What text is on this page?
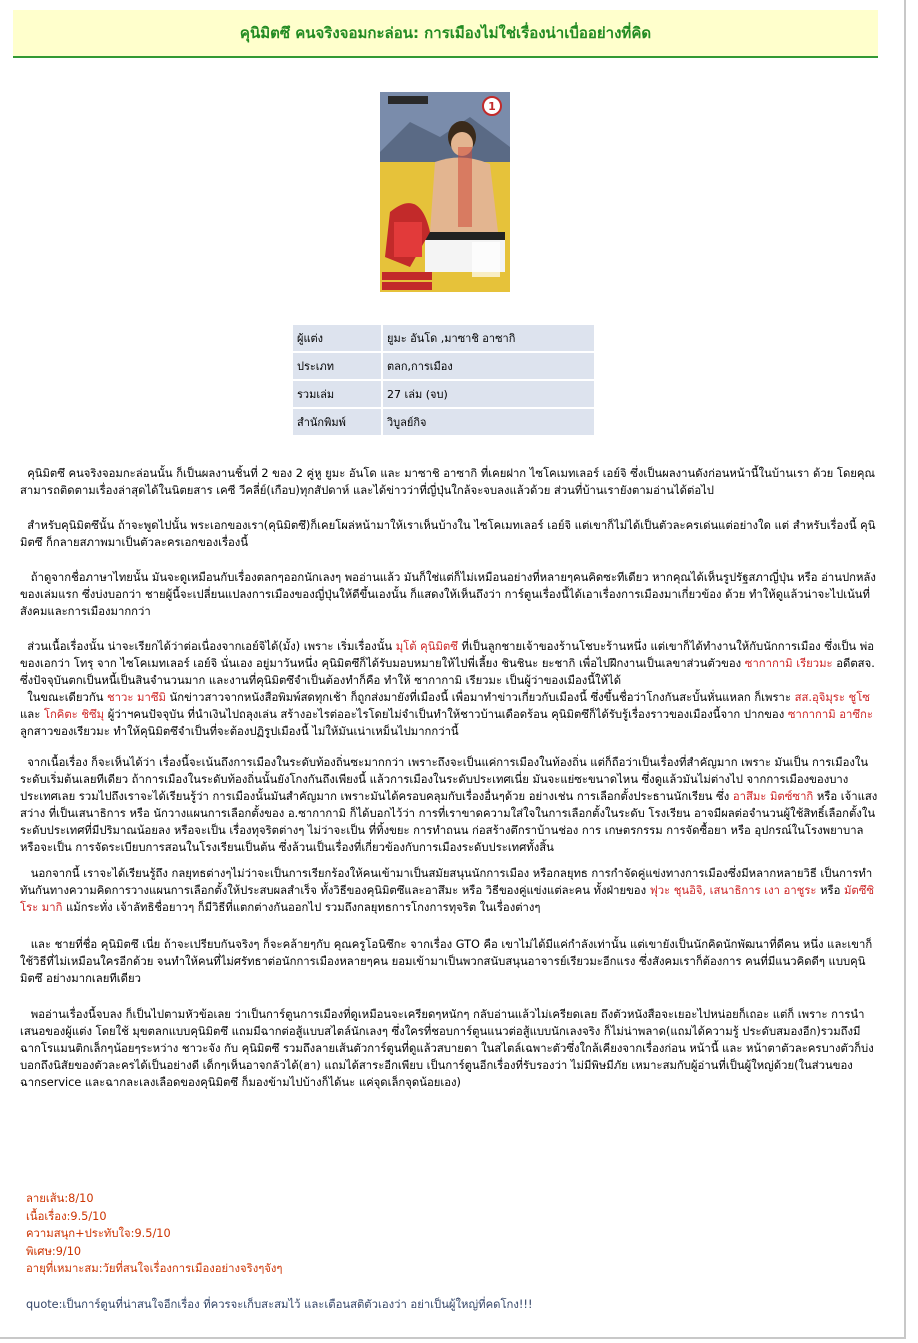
คุนิมิตซึ คนจริงจอมกะล่อน: การเมืองไม่ใช่เรื่องน่าเบื่ออย่างที่คิด
1
ผู้แต่ง	ยูมะ อันโด ,มาซาชิ อาซากิ
ประเภท	ตลก,การเมือง
รวมเล่ม	27 เล่ม (จบ)
สำนักพิมพ์	วิบูลย์กิจ

คุนิมิตซึ คนจริงจอมกะล่อนนั้น ก็เป็นผลงานชิ้นที่ 2 ของ 2 คู่หู ยูมะ อันโด และ มาซาชิ อาซากิ ที่เคยฝาก ไซโคเมทเลอร์ เอย์จิ ซึ่งเป็นผลงานดังก่อนหน้านี้ในบ้านเรา ด้วย โดยคุณสามารถติดตามเรื่องล่าสุดได้ในนิตยสาร เคซี วีคลี่ย์(เกือบ)ทุกสัปดาห์ และได้ข่าวว่าที่ญี่ปุ่นใกล้จะจบลงแล้วด้วย ส่วนที่บ้านเรายังตามอ่านได้ต่อไป

สำหรับคุนิมิตซึนั้น ถ้าจะพูดไปนั้น พระเอกของเรา(คุนิมิตซึ)ก็เคยโผล่หน้ามาให้เราเห็นบ้างใน ไซโคเมทเลอร์ เอย์จิ แต่เขาก็ไม่ได้เป็นตัวละครเด่นแต่อย่างใด แต่ สำหรับเรื่องนี้ คุนิมิตซึ ก็กลายสภาพมาเป็นตัวละครเอกของเรื่องนี้

ถ้าดูจากชื่อภาษาไทยนั้น มันจะดูเหมือนกับเรื่องตลกๆออกนักเลงๆ พออ่านแล้ว มันก็ใช่แต่ก็ไม่เหมือนอย่างที่หลายๆคนคิดซะทีเดียว หากคุณได้เห็นรูปรัฐสภาญี่ปุ่น หรือ อ่านปกหลังของเล่มแรก ซึ่งบ่งบอกว่า ชายผู้นี้จะเปลี่ยนแปลงการเมืองของญี่ปุ่นให้ดีขึ้นเองนั้น ก็แสดงให้เห็นถึงว่า การ์ตูนเรื่องนี้ได้เอาเรื่องการเมืองมาเกี่ยวข้อง ด้วย ทำให้ดูแล้วน่าจะไปเน้นที่สังคมและการเมืองมากกว่า

ส่วนเนื้อเรื่องนั้น น่าจะเรียกได้ว่าต่อเนื่องจากเอย์จิได้(มั้ง) เพราะ เริ่มเรื่องนั้น มุโต้ คุนิมิตซึ ที่เป็นลูกชายเจ้าของร้านโชบะร้านหนึ่ง แต่เขาก็ได้ทำงานให้กับนักการเมือง ซึ่งเป็น พ่อของเอกว่า โทรุ จาก ไซโคเมทเลอร์ เอย์จิ นั่นเอง อยู่มาวันหนึ่ง คุนิมิตซึก็ได้รับมอบหมายให้ไปพี่เลี้ยง ชินชินะ ยะชากิ เพื่อไปฝึกงานเป็นเลขาส่วนตัวของ ซากากามิ เรียวมะ อดีตสจ. ซึ่งปัจจุบันตกเป็นหนี้เป็นสินจำนวนมาก และงานที่คุนิมิตซึจำเป็นต้องทำก็คือ ทำให้ ซากากามิ เรียวมะ เป็นผู้ว่าของเมืองนี้ให้ได้

ในขณะเดียวกัน ชาวะ มาซึมิ นักข่าวสาวจากหนังสือพิมพ์สดทุกเช้า ก็ถูกส่งมายังที่เมืองนี้ เพื่อมาทำข่าวเกี่ยวกับเมืองนี้ ซึ่งขึ้นชื่อว่าโกงกันสะบั้นหั่นแหลก ก็เพราะ สส.อุจิมุระ ชูโซ และ โกคิตะ ชิซึมุ ผู้ว่าฯคนปัจจุบัน ที่นำเงินไปถลุงเล่น สร้างอะไรต่ออะไรโดยไม่จำเป็นทำให้ชาวบ้านเดือดร้อน คุนิมิตซึก็ได้รับรู้เรื่องราวของเมืองนี้จาก ปากของ ซากากามิ อาซึกะ ลูกสาวของเรียวมะ ทำให้คุนิมิตซึจำเป็นที่จะต้องปฏิรูปเมืองนี้ ไม่ให้มันเน่าเหม็นไปมากกว่านี้

จากเนื้อเรื่อง ก็จะเห็นได้ว่า เรื่องนี้จะเน้นถึงการเมืองในระดับท้องถิ่นซะมากกว่า เพราะถึงจะเป็นแค่การเมืองในท้องถิ่น แต่ก็ถือว่าเป็นเรื่องที่สำคัญมาก เพราะ มันเป็น การเมืองในระดับเริ่มต้นเลยทีเดียว ถ้าการเมืองในระดับท้องถิ่นนั้นยังโกงกันถึงเพียงนี้ แล้วการเมืองในระดับประเทศเนี่ย มันจะแย่ซะขนาดไหน ซึ่งดูแล้วมันไม่ต่างไป จากการเมืองของบางประเทศเลย รวมไปถึงเราจะได้เรียนรู้ว่า การเมืองนั้นมันสำคัญมาก เพราะมันได้ครอบคลุมกับเรื่องอื่นๆด้วย อย่างเช่น การเลือกตั้งประธานนักเรียน ซึ่ง อาสึมะ มิตซ์ซากิ หรือ เจ้าแสงสว่าง ที่เป็นเสนาธิการ หรือ นักวางแผนการเลือกตั้งของ อ.ซากากามิ ก็ได้บอกไว้ว่า การที่เราขาดความใส่ใจในการเลือกตั้งในระดับ โรงเรียน อาจมีผลต่อจำนวนผู้ใช้สิทธิ์เลือกตั้งในระดับประเทศที่มีปริมาณน้อยลง หรือจะเป็น เรื่องทุจริตต่างๆ ไม่ว่าจะเป็น ที่ทิ้งขยะ การทำถนน ก่อสร้างตึกราบ้านช่อง การ เกษตรกรรม การจัดซื้อยา หรือ อุปกรณ์ในโรงพยาบาล หรือจะเป็น การจัดระเบียบการสอนในโรงเรียนเป็นต้น ซึ่งล้วนเป็นเรื่องที่เกี่ยวข้องกับการเมืองระดับประเทศทั้งสิ้น

นอกจากนี้ เราจะได้เรียนรู้ถึง กลยุทธต่างๆไม่ว่าจะเป็นการเรียกร้องให้คนเข้ามาเป็นสมัยสนุนนักการเมือง หรือกลยุทธ การกำจัดคู่แข่งทางการเมืองซึ่งมีหลากหลายวิธี เป็นการทำทันกันทางความคิดการวางแผนการเลือกตั้งให้ประสบผลสำเร็จ ทั้งวิธีของคุนิมิตซึและอาสึมะ หรือ วิธีของคู่แข่งแต่ละคน ทั้งฝ่ายของ ฟุวะ ชุนอิจิ, เสนาธิการ เงา อาชูระ หรือ มัตซึซิโระ มากิ แม้กระทั่ง เจ้าลัทธิชื่อยาวๆ ก็มีวิธีที่แตกต่างกันออกไป รวมถึงกลยุทธการโกงการทุจริต ในเรื่องต่างๆ

และ ชายที่ชื่อ คุนิมิตซึ เนี่ย ถ้าจะเปรียบกันจริงๆ ก็จะคล้ายๆกับ คุณครูโอนิซึกะ จากเรื่อง GTO คือ เขาไม่ได้มีแค่กำลังเท่านั้น แต่เขายังเป็นนักคิดนักพัฒนาที่ดีคน หนึ่ง และเขาก็ใช้วิธีที่ไม่เหมือนใครอีกด้วย จนทำให้คนที่ไม่ศรัทธาต่อนักการเมืองหลายๆคน ยอมเข้ามาเป็นพวกสนับสนุนอาจารย์เรียวมะอีกแรง ซึ่งสังคมเราก็ต้องการ คนที่มีแนวคิดดีๆ แบบคุนิมิตซึ อย่างมากเลยทีเดียว

พออ่านเรื่องนี้จบลง ก็เป็นไปตามหัวข้อเลย ว่าเป็นการ์ตูนการเมืองที่ดูเหมือนจะเครียดๆหนักๆ กลับอ่านแล้วไม่เครียดเลย ถึงตัวหนังสือจะเยอะไปหน่อยก็เถอะ แต่ก็ เพราะ การนำเสนอของผู้แต่ง โดยใช้ มุขตลกแบบคุนิมิตซึ แถมมีฉากต่อสู้แบบสไตล์นักเลงๆ ซึ่งใครที่ชอบการ์ตูนแนวต่อสู้แบบนักเลงจริง ก็ไม่น่าพลาด(แถมได้ความรู้ ประดับสมองอีก)รวมถึงมีฉากโรแมนติกเล็กๆน้อยๆระหว่าง ชาวะจัง กับ คุนิมิตซึ รวมถึงลายเส้นตัวการ์ตูนที่ดูแล้วสบายตา ในสไตล์เฉพาะตัวซึ่งใกล้เคียงจากเรื่องก่อน หน้านี้ และ หน้าตาตัวละครบางตัวก็บ่งบอกถึงนิสัยของตัวละครได้เป็นอย่างดี เด็กๆเห็นอาจกลัวได้(ฮา) แถมได้สาระอีกเพียบ เป็นการ์ตูนอีกเรื่องที่รับรองว่า ไม่มีพิษมีภัย เหมาะสมกับผู้อ่านที่เป็นผู้ใหญ่ด้วย(ในส่วนของ ฉากservice และฉากละเลงเลือดของคุนิมิตซึ ก็มองข้ามไปบ้างก็ได้นะ แค่จุดเล็กจุดน้อยเอง)

ลายเส้น:8/10
เนื้อเรื่อง:9.5/10
ความสนุก+ประทับใจ:9.5/10
พิเศษ:9/10
อายุที่เหมาะสม:วัยที่สนใจเรื่องการเมืองอย่างจริงๆจังๆ
quote:เป็นการ์ตูนที่น่าสนใจอีกเรื่อง ที่ควรจะเก็บสะสมไว้ และเตือนสติตัวเองว่า อย่าเป็นผู้ใหญ่ที่คดโกง!!!
